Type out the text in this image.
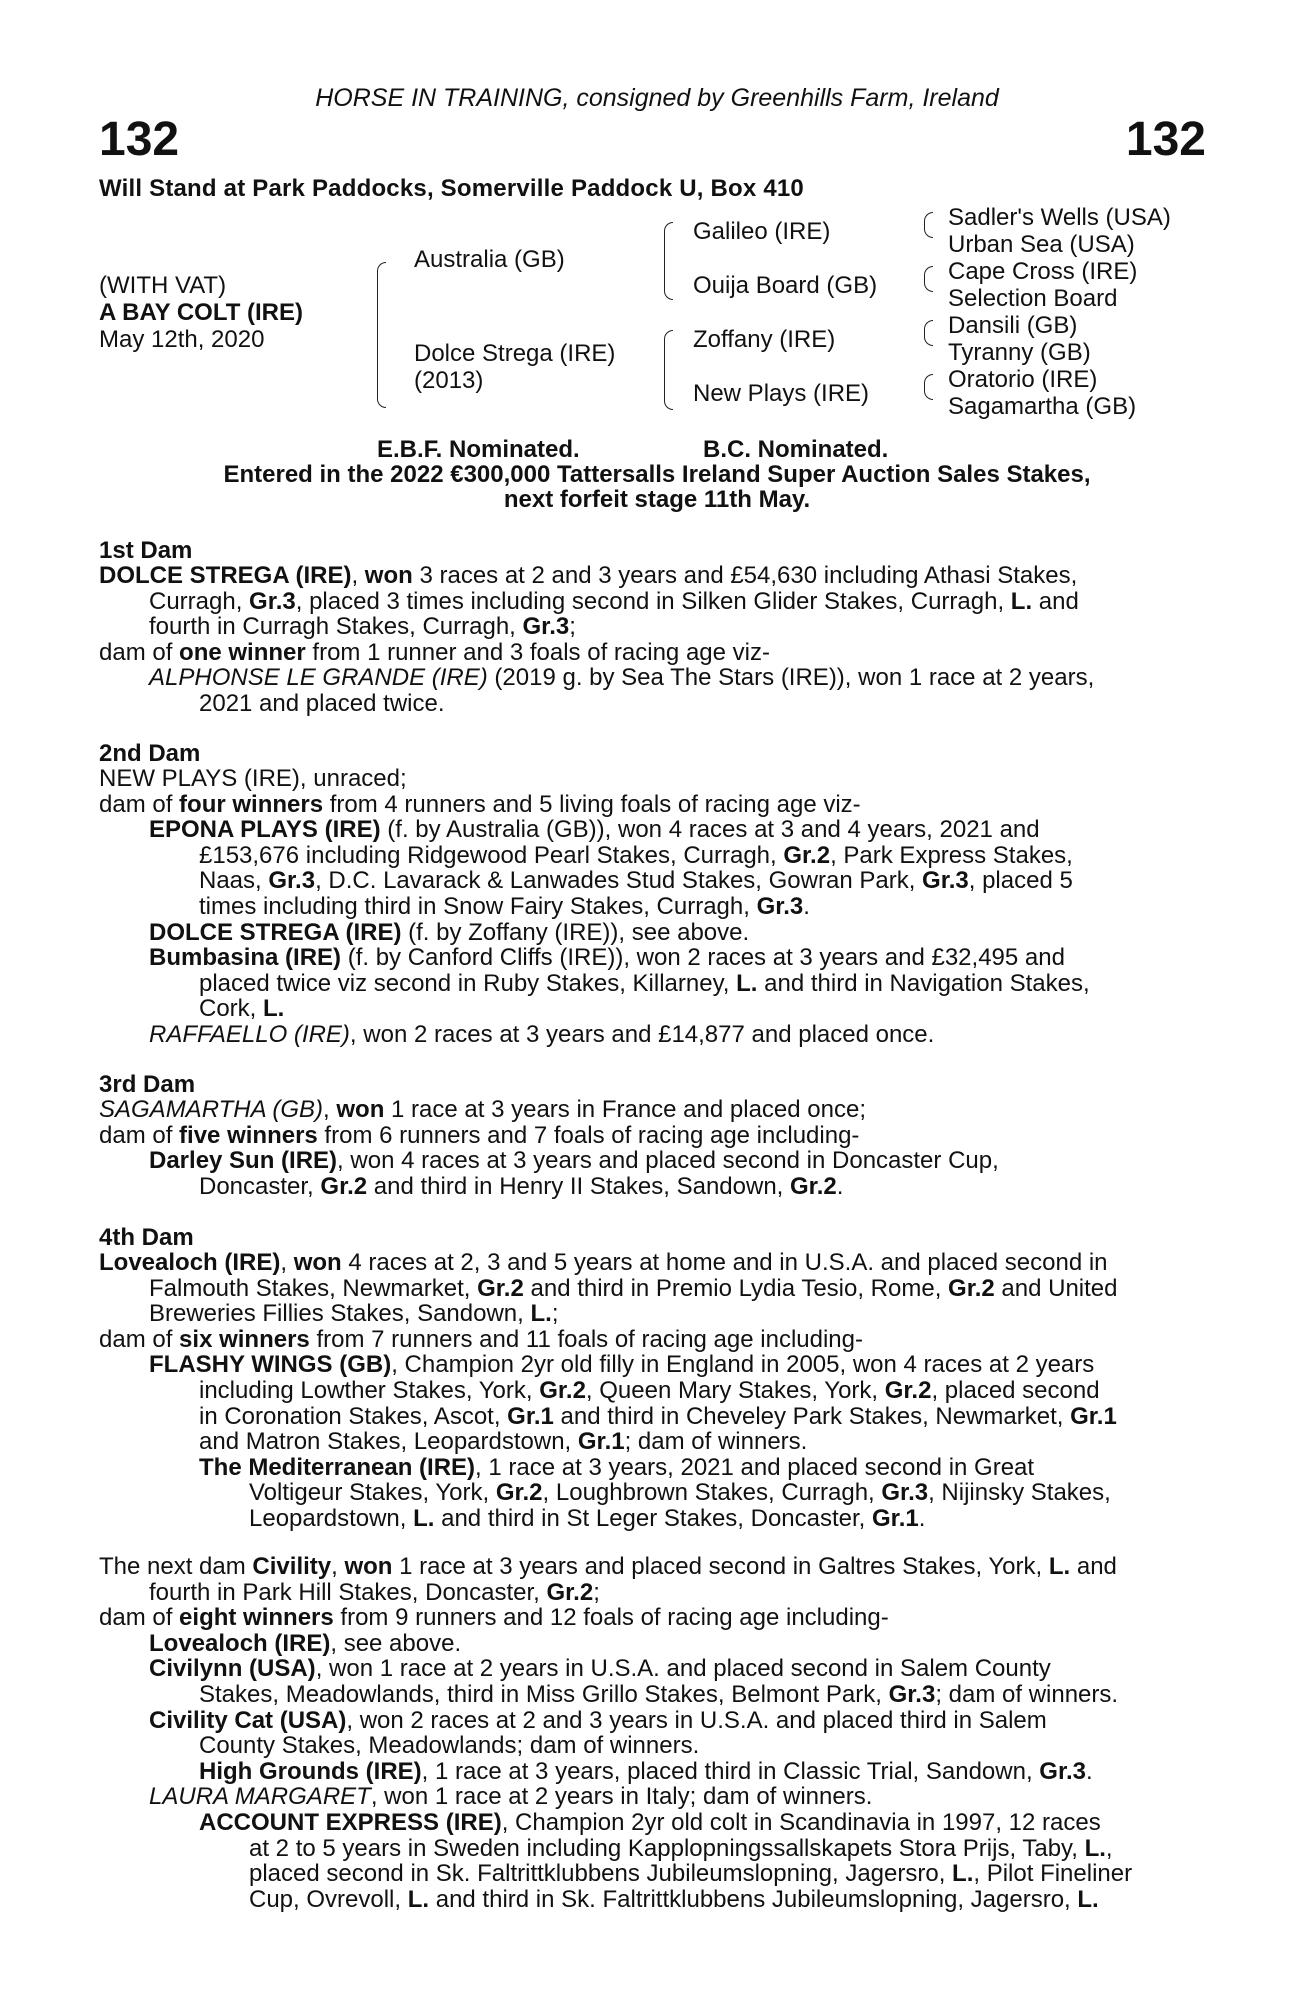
HORSE IN TRAINING, consigned by Greenhills Farm, Ireland
132	132
Will Stand at Park Paddocks, Somerville Paddock U, Box 410
(WITH VAT)
A BAY COLT (IRE)
May 12th, 2020
Australia (GB)
Dolce Strega (IRE)
(2013)
Galileo (IRE)
Ouija Board (GB)
Zoffany (IRE)
New Plays (IRE)
Sadler's Wells (USA)
Urban Sea (USA)
Cape Cross (IRE)
Selection Board
Dansili (GB)
Tyranny (GB)
Oratorio (IRE)
Sagamartha (GB)
E.B.F. Nominated.	B.C. Nominated.
Entered in the 2022 €300,000 Tattersalls Ireland Super Auction Sales Stakes,
next forfeit stage 11th May.
1st Dam
DOLCE STREGA (IRE), won 3 races at 2 and 3 years and £54,630 including Athasi Stakes,
Curragh, Gr.3, placed 3 times including second in Silken Glider Stakes, Curragh, L. and
fourth in Curragh Stakes, Curragh, Gr.3;
dam of one winner from 1 runner and 3 foals of racing age viz-
ALPHONSE LE GRANDE (IRE) (2019 g. by Sea The Stars (IRE)), won 1 race at 2 years,
2021 and placed twice.
2nd Dam
NEW PLAYS (IRE), unraced;
dam of four winners from 4 runners and 5 living foals of racing age viz-
EPONA PLAYS (IRE) (f. by Australia (GB)), won 4 races at 3 and 4 years, 2021 and
£153,676 including Ridgewood Pearl Stakes, Curragh, Gr.2, Park Express Stakes,
Naas, Gr.3, D.C. Lavarack & Lanwades Stud Stakes, Gowran Park, Gr.3, placed 5
times including third in Snow Fairy Stakes, Curragh, Gr.3.
DOLCE STREGA (IRE) (f. by Zoffany (IRE)), see above.
Bumbasina (IRE) (f. by Canford Cliffs (IRE)), won 2 races at 3 years and £32,495 and
placed twice viz second in Ruby Stakes, Killarney, L. and third in Navigation Stakes,
Cork, L.
RAFFAELLO (IRE), won 2 races at 3 years and £14,877 and placed once.
3rd Dam
SAGAMARTHA (GB), won 1 race at 3 years in France and placed once;
dam of five winners from 6 runners and 7 foals of racing age including-
Darley Sun (IRE), won 4 races at 3 years and placed second in Doncaster Cup,
Doncaster, Gr.2 and third in Henry II Stakes, Sandown, Gr.2.
4th Dam
Lovealoch (IRE), won 4 races at 2, 3 and 5 years at home and in U.S.A. and placed second in
Falmouth Stakes, Newmarket, Gr.2 and third in Premio Lydia Tesio, Rome, Gr.2 and United
Breweries Fillies Stakes, Sandown, L.;
dam of six winners from 7 runners and 11 foals of racing age including-
FLASHY WINGS (GB), Champion 2yr old filly in England in 2005, won 4 races at 2 years
including Lowther Stakes, York, Gr.2, Queen Mary Stakes, York, Gr.2, placed second
in Coronation Stakes, Ascot, Gr.1 and third in Cheveley Park Stakes, Newmarket, Gr.1
and Matron Stakes, Leopardstown, Gr.1; dam of winners.
The Mediterranean (IRE), 1 race at 3 years, 2021 and placed second in Great
Voltigeur Stakes, York, Gr.2, Loughbrown Stakes, Curragh, Gr.3, Nijinsky Stakes,
Leopardstown, L. and third in St Leger Stakes, Doncaster, Gr.1.
The next dam Civility, won 1 race at 3 years and placed second in Galtres Stakes, York, L. and
fourth in Park Hill Stakes, Doncaster, Gr.2;
dam of eight winners from 9 runners and 12 foals of racing age including-
Lovealoch (IRE), see above.
Civilynn (USA), won 1 race at 2 years in U.S.A. and placed second in Salem County
Stakes, Meadowlands, third in Miss Grillo Stakes, Belmont Park, Gr.3; dam of winners.
Civility Cat (USA), won 2 races at 2 and 3 years in U.S.A. and placed third in Salem
County Stakes, Meadowlands; dam of winners.
High Grounds (IRE), 1 race at 3 years, placed third in Classic Trial, Sandown, Gr.3.
LAURA MARGARET, won 1 race at 2 years in Italy; dam of winners.
ACCOUNT EXPRESS (IRE), Champion 2yr old colt in Scandinavia in 1997, 12 races
at 2 to 5 years in Sweden including Kapplopningssallskapets Stora Prijs, Taby, L.,
placed second in Sk. Faltrittklubbens Jubileumslopning, Jagersro, L., Pilot Fineliner
Cup, Ovrevoll, L. and third in Sk. Faltrittklubbens Jubileumslopning, Jagersro, L.
